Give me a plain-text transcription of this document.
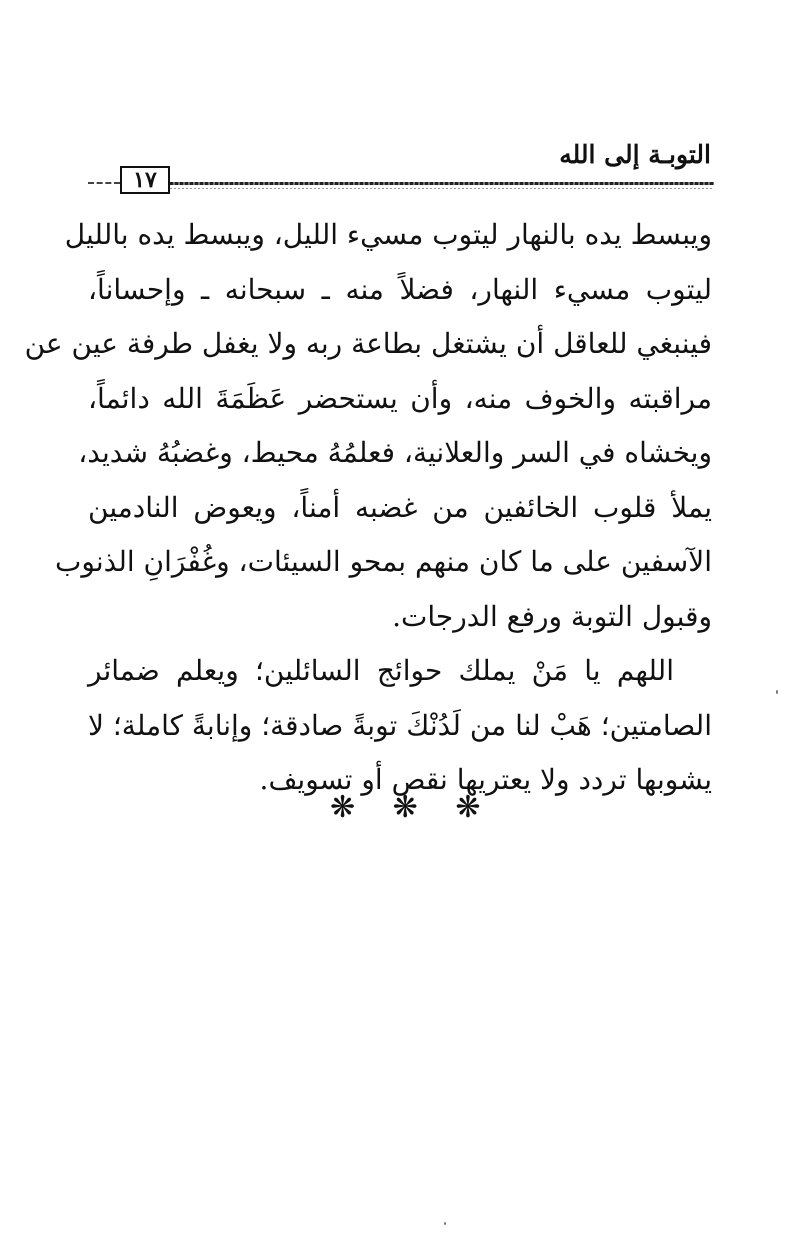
التوبـة إلى الله
١٧
ويبسط يده بالنهار ليتوب مسيء الليل، ويبسط يده بالليل
ليتوب مسيء النهار، فضلاً منه ـ سبحانه ـ وإحساناً،
فينبغي للعاقل أن يشتغل بطاعة ربه ولا يغفل طرفة عين عن
مراقبته والخوف منه، وأن يستحضر عَظَمَةَ الله دائماً،
ويخشاه في السر والعلانية، فعلمُهُ محيط، وغضبُهُ شديد،
يملأ قلوب الخائفين من غضبه أمناً، ويعوض النادمين
الآسفين على ما كان منهم بمحو السيئات، وغُفْرَانِ الذنوب
وقبول التوبة ورفع الدرجات.
اللهم يا مَنْ يملك حوائج السائلين؛ ويعلم ضمائر
الصامتين؛ هَبْ لنا من لَدُنْكَ توبةً صادقة؛ وإنابةً كاملة؛ لا
يشوبها تردد ولا يعتريها نقص أو تسويف.
❋ ❋ ❋
